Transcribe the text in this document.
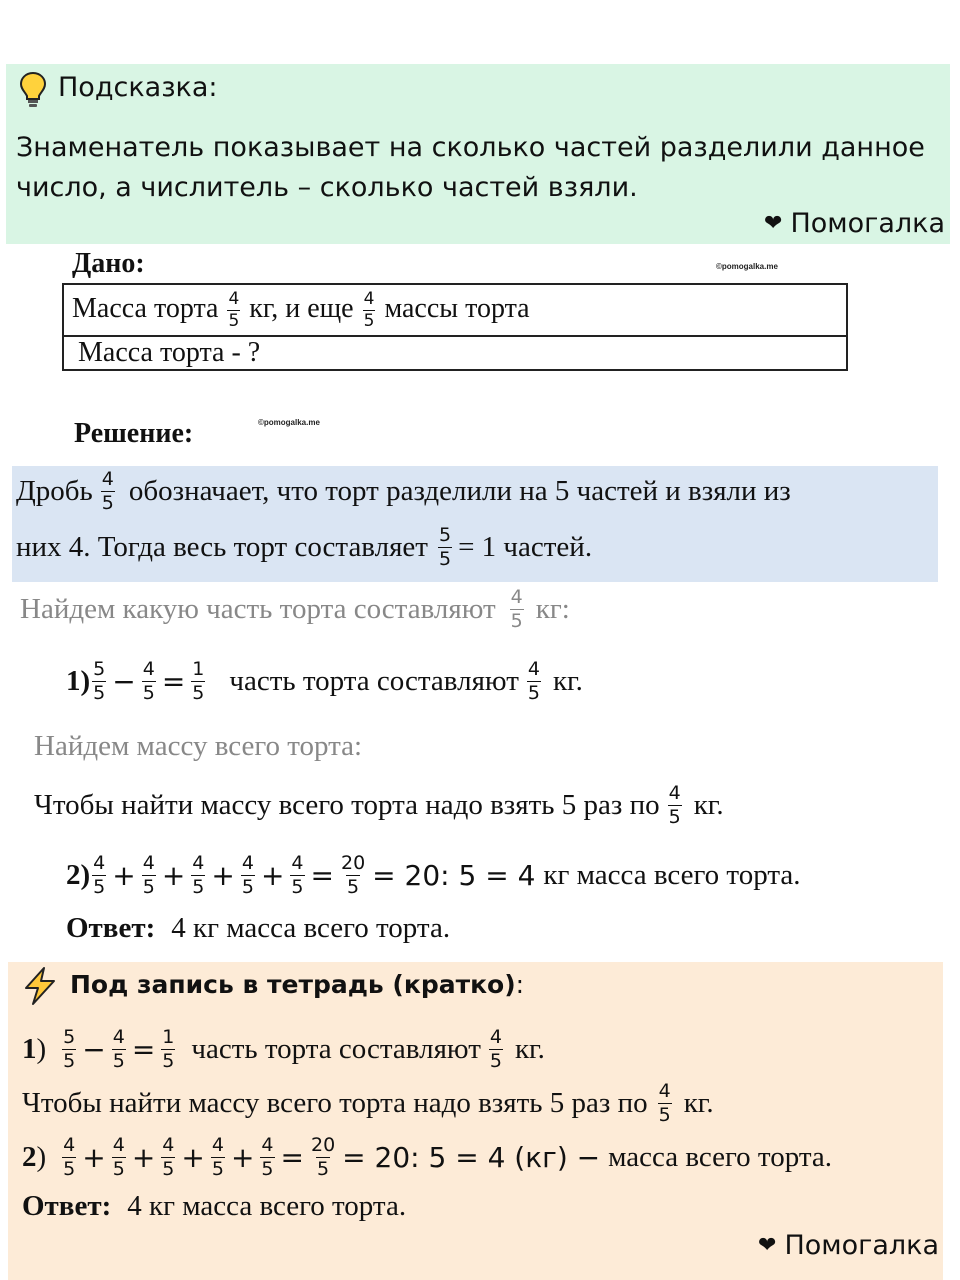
Подсказка:
Знаменатель показывает на сколько частей разделили данное число, а числитель – сколько частей взяли.
❤ Помогалка
Дано:	©pomogalka.me
Масса торта $\frac{4}{5}$ кг, и еще $\frac{4}{5}$ массы торта
Масса торта - ?
Решение:	©pomogalka.me
Дробь $\frac{4}{5}$ обозначает, что торт разделили на 5 частей и взяли из
них 4. Тогда весь торт составляет $\frac{5}{5} = 1$ частей.
Найдем какую часть торта составляют $\frac{4}{5}$ кг:
$1) \frac{5}{5} - \frac{4}{5} = \frac{1}{5}$ часть торта составляют $\frac{4}{5}$ кг.
Найдем массу всего торта:
Чтобы найти массу всего торта надо взять 5 раз по $\frac{4}{5}$ кг.
$2) \frac{4}{5} + \frac{4}{5} + \frac{4}{5} + \frac{4}{5} + \frac{4}{5} = \frac{20}{5} = 20$: 5 = 4 кг масса всего торта.
Ответ: 4 кг масса всего торта.
Под запись в тетрадь (кратко):
1 ) $\frac{5}{5} - \frac{4}{5} = \frac{1}{5}$ часть торта составляют $\frac{4}{5}$ кг.
Чтобы найти массу всего торта надо взять 5 раз по $\frac{4}{5}$ кг.
2 ) $\frac{4}{5} + \frac{4}{5} + \frac{4}{5} + \frac{4}{5} + \frac{4}{5} = \frac{20}{5} = 20$: 5 = 4 (кг) − масса всего торта.
Ответ: 4 кг масса всего торта.
❤ Помогалка
